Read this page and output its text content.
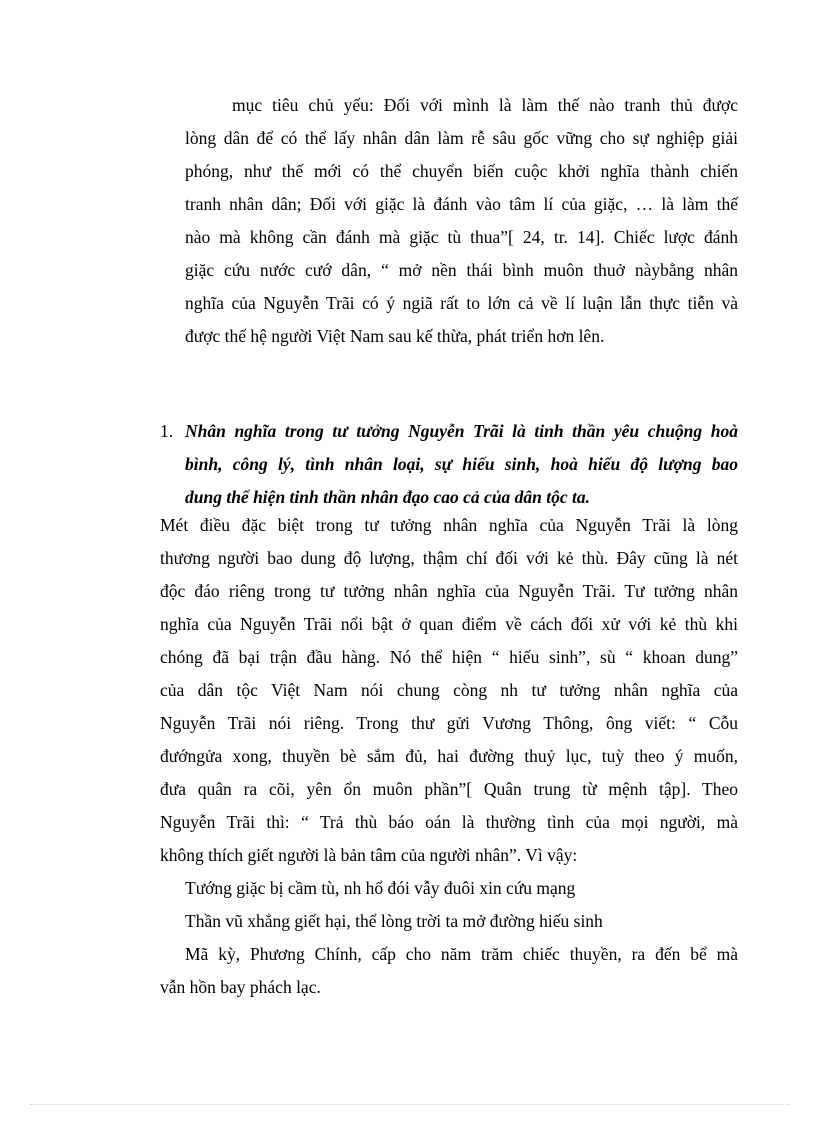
mục tiêu chủ yếu: Đối với mình là làm thế nào tranh thủ được
lòng dân để có thể lấy nhân dân làm rễ sâu gốc vững cho sự nghiệp giải
phóng, như thế mới có thể chuyển biến cuộc khởi nghĩa thành chiến
tranh nhân dân; Đối với giặc là đánh vào tâm lí của giặc, … là làm thế
nào mà không cần đánh mà giặc tù thua”[ 24, tr. 14]. Chiếc lược đánh
giặc cứu nước cướ dân, “ mở nền thái bình muôn thuở nàybằng nhân
nghĩa của Nguyễn Trãi có ý ngiã rất to lớn cả về lí luận lẫn thực tiễn và
được thế hệ người Việt Nam sau kế thừa, phát triển hơn lên.
1. Nhân nghĩa trong tư tưởng Nguyễn Trãi là tinh thần yêu chuộng hoà
bình, công lý, tình nhân loại, sự hiếu sinh, hoà hiếu độ lượng bao
dung thể hiện tinh thần nhân đạo cao cả của dân tộc ta.
Mét điều đặc biệt trong tư tưởng nhân nghĩa của Nguyễn Trãi là lòng
thương người bao dung độ lượng, thậm chí đối với kẻ thù. Đây cũng là nét
độc đáo riêng trong tư tưởng nhân nghĩa của Nguyễn Trãi. Tư tưởng nhân
nghĩa của Nguyễn Trãi nổi bật ở quan điểm về cách đối xử với kẻ thù khi
chóng đã bại trận đầu hàng. Nó thể hiện “ hiếu sinh”, sù “ khoan dung”
của dân tộc Việt Nam nói chung còng nh tư tưởng nhân nghĩa của
Nguyễn Trãi nói riêng. Trong thư gửi Vương Thông, ông viết: “ Cỗu
đướngửa xong, thuyền bè sắm đủ, hai đường thuỷ lục, tuỳ theo ý muốn,
đưa quân ra cõi, yên ổn muôn phần”[ Quân trung từ mệnh tập]. Theo
Nguyễn Trãi thì: “ Trả thù báo oán là thường tình của mọi người, mà
không thích giết người là bản tâm của người nhân”. Vì vậy:
Tướng giặc bị cầm tù, nh hổ đói vẫy đuôi xin cứu mạng
Thần vũ xhẳng giết hại, thể lòng trời ta mở đường hiếu sinh
Mã kỳ, Phương Chính, cấp cho năm trăm chiếc thuyền, ra đến bể mà
vẫn hồn bay phách lạc.
